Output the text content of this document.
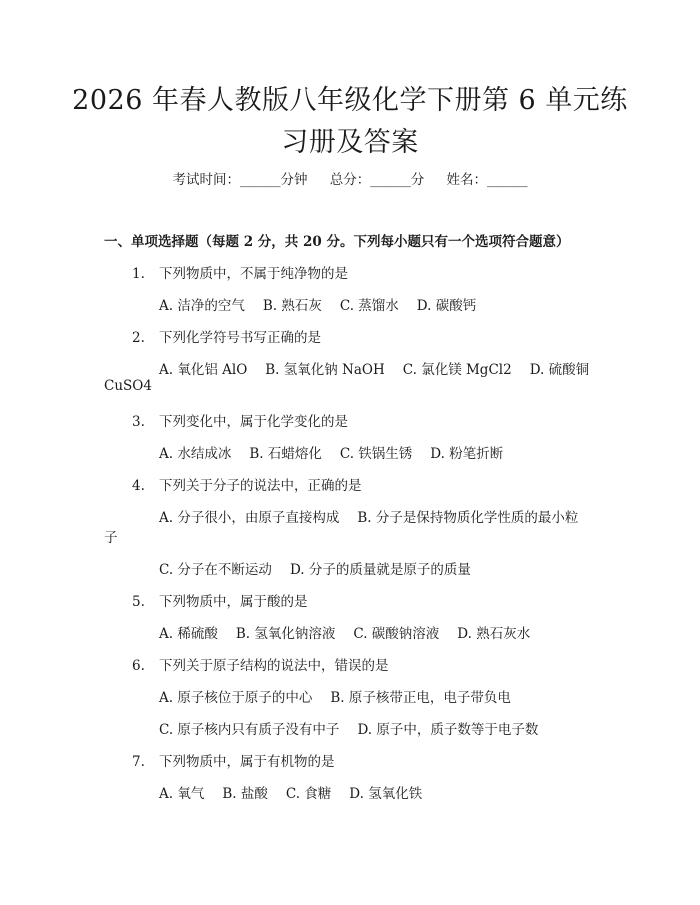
2026 年春人教版八年级化学下册第 6 单元练
习册及答案
考试时间：______分钟 总分：______分 姓名：______
一、单项选择题（每题 2 分，共 20 分。下列每小题只有一个选项符合题意）
1. 下列物质中，不属于纯净物的是
A. 洁净的空气 B. 熟石灰 C. 蒸馏水 D. 碳酸钙
2. 下列化学符号书写正确的是
A. 氧化铝 AlO B. 氢氧化钠 NaOH C. 氯化镁 MgCl2 D. 硫酸铜
CuSO4
3. 下列变化中，属于化学变化的是
A. 水结成冰 B. 石蜡熔化 C. 铁锅生锈 D. 粉笔折断
4. 下列关于分子的说法中，正确的是
A. 分子很小，由原子直接构成 B. 分子是保持物质化学性质的最小粒
子
C. 分子在不断运动 D. 分子的质量就是原子的质量
5. 下列物质中，属于酸的是
A. 稀硫酸 B. 氢氧化钠溶液 C. 碳酸钠溶液 D. 熟石灰水
6. 下列关于原子结构的说法中，错误的是
A. 原子核位于原子的中心 B. 原子核带正电，电子带负电
C. 原子核内只有质子没有中子 D. 原子中，质子数等于电子数
7. 下列物质中，属于有机物的是
A. 氧气 B. 盐酸 C. 食糖 D. 氢氧化铁
